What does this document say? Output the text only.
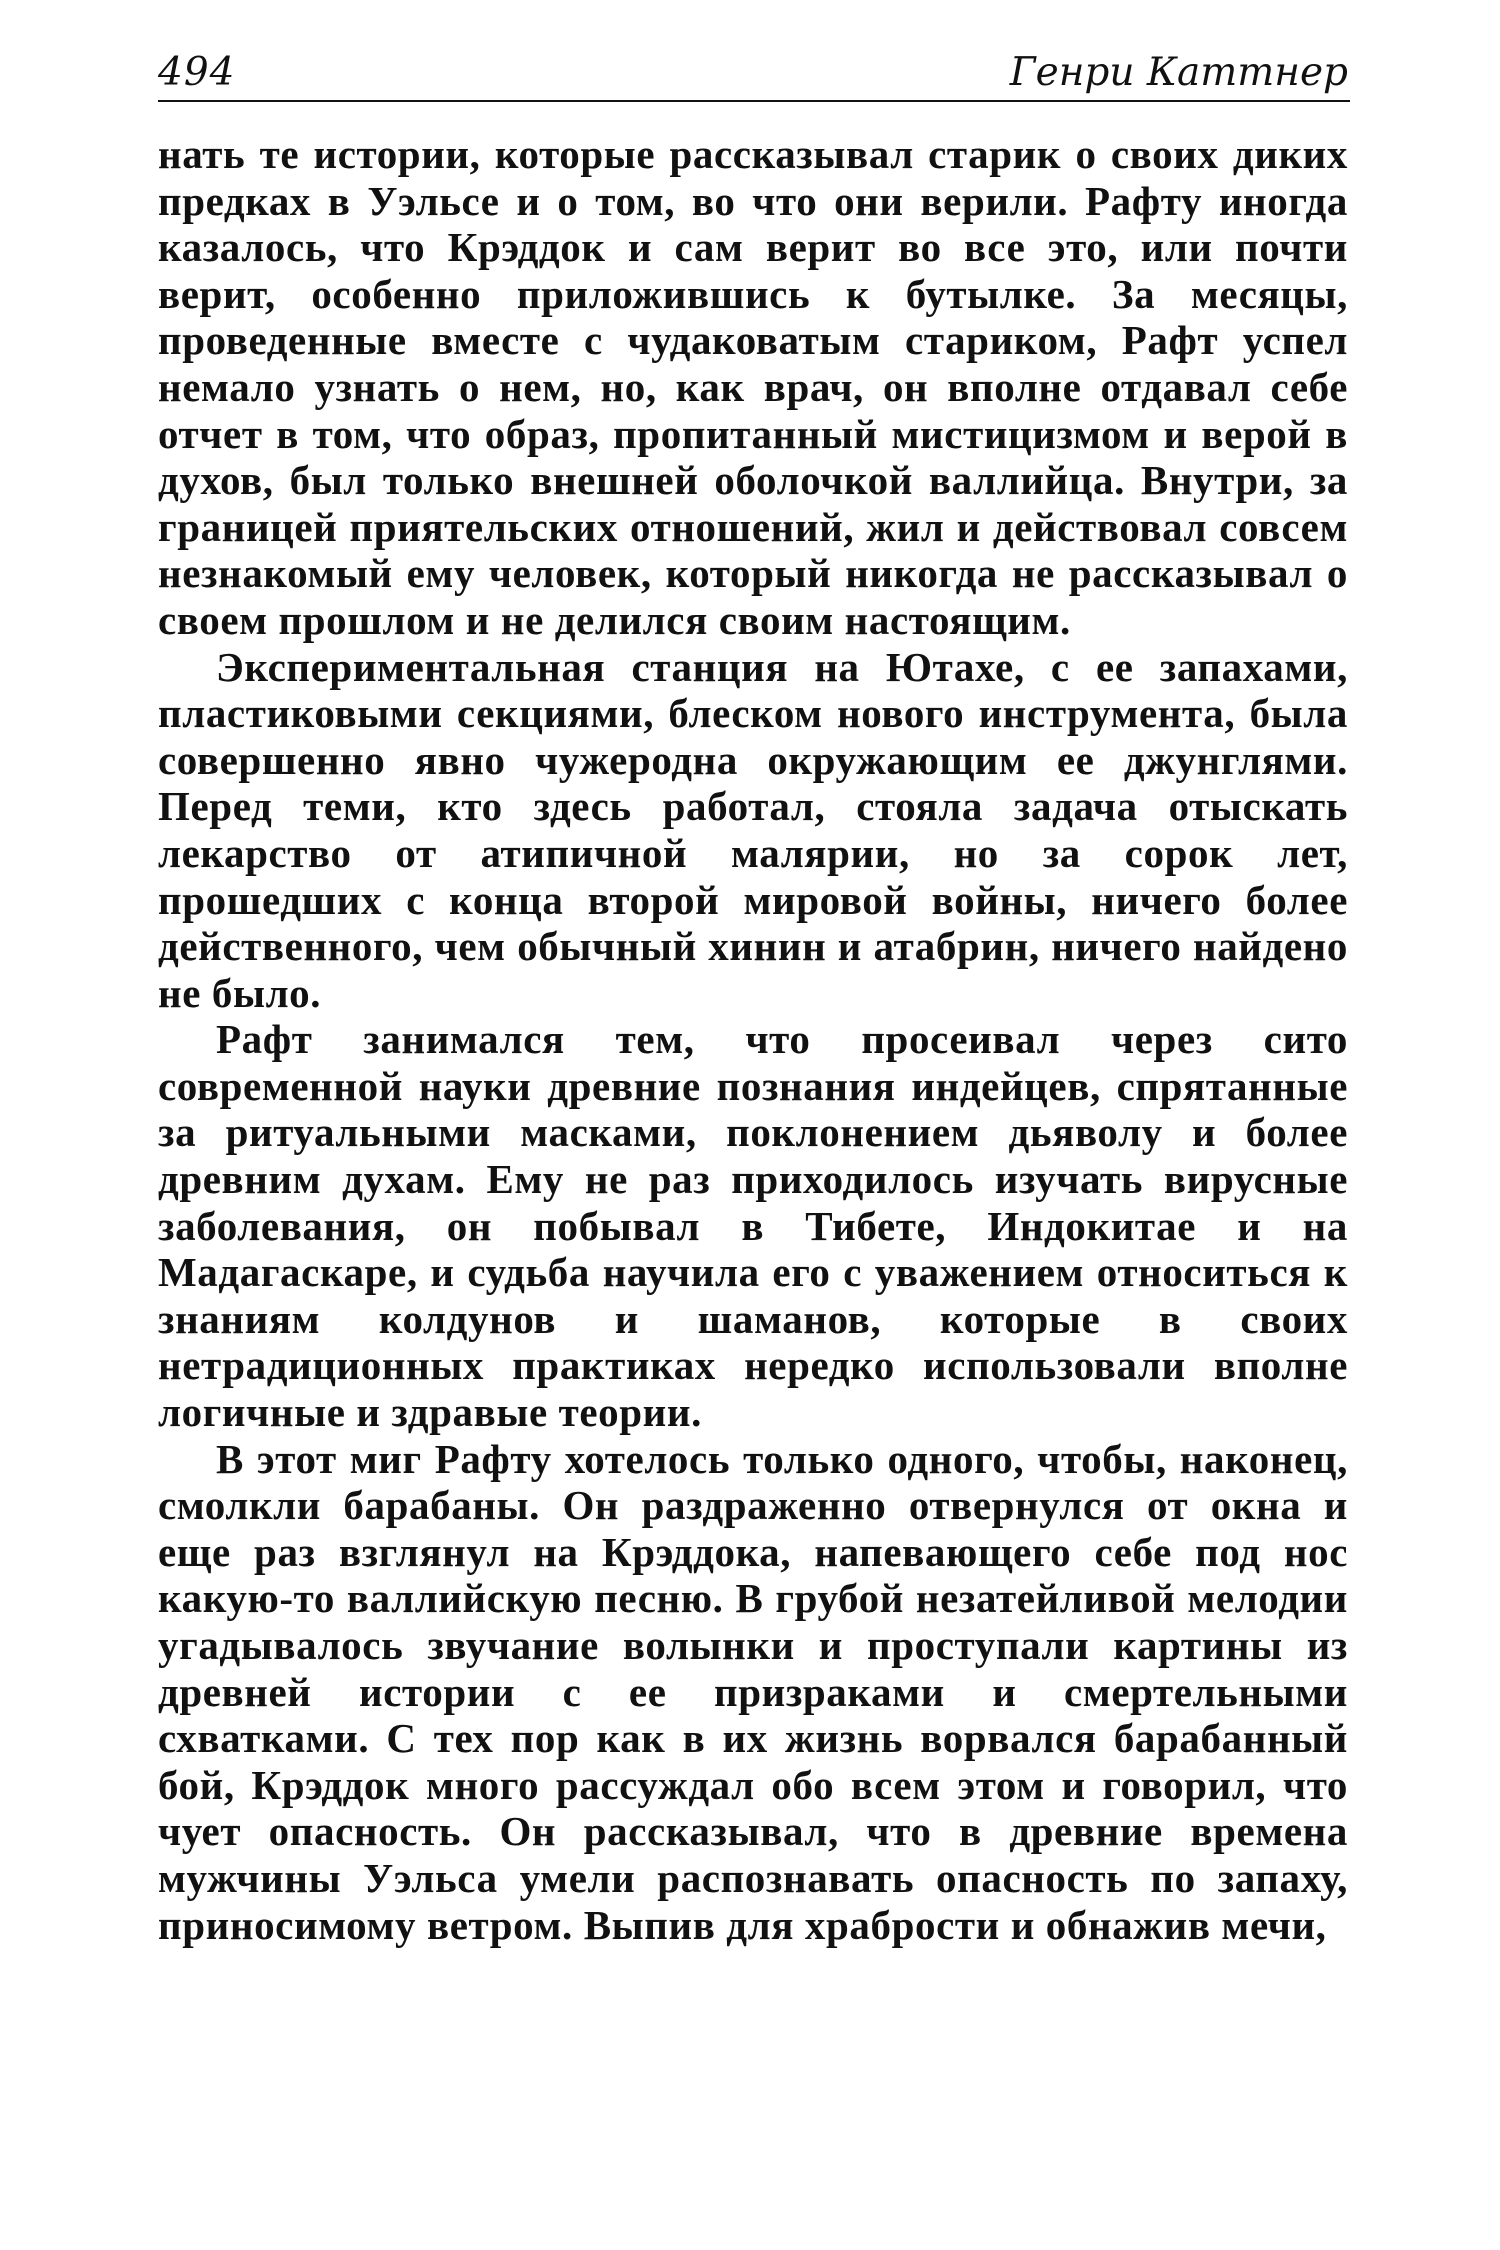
494	Генри Каттнер

нать те истории, которые рассказывал старик о своих диких предках в Уэльсе и о том, во что они верили. Рафту иногда казалось, что Крэддок и сам верит во все это, или почти верит, особенно приложившись к бутылке. За месяцы, проведенные вместе с чудаковатым стариком, Рафт успел немало узнать о нем, но, как врач, он вполне отдавал себе отчет в том, что образ, пропитанный мистицизмом и верой в духов, был только внешней оболочкой валлийца. Внутри, за границей приятельских отношений, жил и действовал совсем незнакомый ему человек, который никогда не рассказывал о своем прошлом и не делился своим настоящим.

Экспериментальная станция на Ютахе, с ее запахами, пластиковыми секциями, блеском нового инструмента, была совершенно явно чужеродна окружающим ее джунглями. Перед теми, кто здесь работал, стояла задача отыскать лекарство от атипичной малярии, но за сорок лет, прошедших с конца второй мировой войны, ничего более действенного, чем обычный хинин и атабрин, ничего найдено не было.

Рафт занимался тем, что просеивал через сито современной науки древние познания индейцев, спрятанные за ритуальными масками, поклонением дьяволу и более древним духам. Ему не раз приходилось изучать вирусные заболевания, он побывал в Тибете, Индокитае и на Мадагаскаре, и судьба научила его с уважением относиться к знаниям колдунов и шаманов, которые в своих нетрадиционных практиках нередко использовали вполне логичные и здравые теории.

В этот миг Рафту хотелось только одного, чтобы, наконец, смолкли барабаны. Он раздраженно отвернулся от окна и еще раз взглянул на Крэддока, напевающего себе под нос какую-то валлийскую песню. В грубой незатейливой мелодии угадывалось звучание волынки и проступали картины из древней истории с ее призраками и смертельными схватками. С тех пор как в их жизнь ворвался барабанный бой, Крэддок много рассуждал обо всем этом и говорил, что чует опасность. Он рассказывал, что в древние времена мужчины Уэльса умели распознавать опасность по запаху, приносимому ветром. Выпив для храбрости и обнажив мечи,
